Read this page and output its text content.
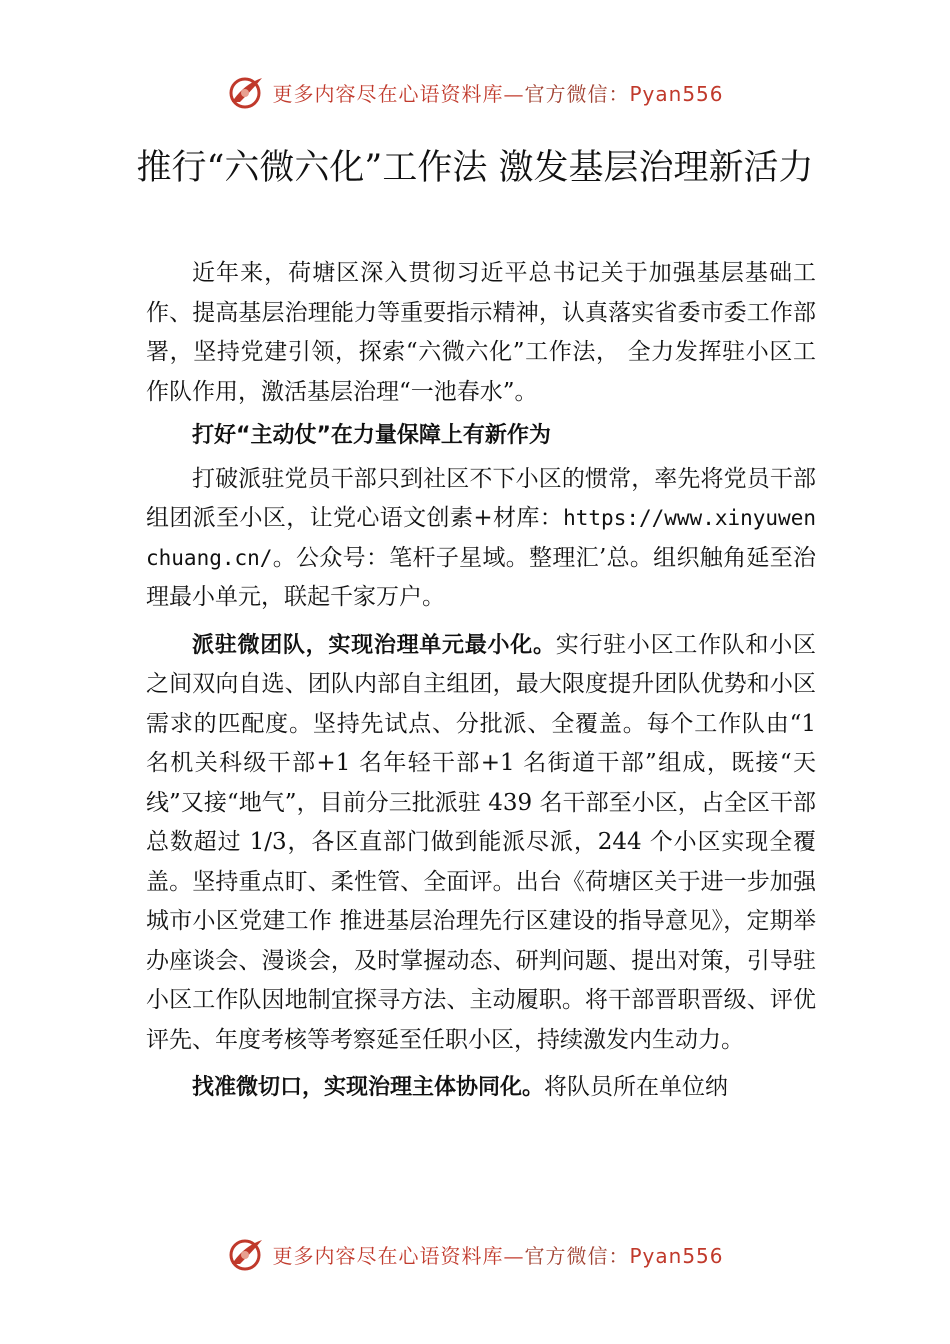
更多内容尽在心语资料库—官方微信：Pyan556
推行“六微六化”工作法 激发基层治理新活力

近年来，荷塘区深入贯彻习近平总书记关于加强基层基础工作、提高基层治理能力等重要指示精神，认真落实省委市委工作部署，坚持党建引领，探索“六微六化”工作法， 全力发挥驻小区工作队作用，激活基层治理“一池春水”。

打好“主动仗”在力量保障上有新作为

打破派驻党员干部只到社区不下小区的惯常，率先将党员干部组团派至小区，让党心语文创素+材库：https://www.xinyuwenchuang.cn/。公众号：笔杆子星域。整理汇’总。组织触角延至治理最小单元，联起千家万户。

派驻微团队，实现治理单元最小化。实行驻小区工作队和小区之间双向自选、团队内部自主组团，最大限度提升团队优势和小区需求的匹配度。坚持先试点、分批派、全覆盖。每个工作队由“1 名机关科级干部+1 名年轻干部+1 名街道干部”组成，既接“天线”又接“地气”，目前分三批派驻 439 名干部至小区，占全区干部总数超过 1/3，各区直部门做到能派尽派，244 个小区实现全覆盖。坚持重点盯、柔性管、全面评。出台《荷塘区关于进一步加强城市小区党建工作 推进基层治理先行区建设的指导意见》，定期举办座谈会、漫谈会，及时掌握动态、研判问题、提出对策，引导驻小区工作队因地制宜探寻方法、主动履职。将干部晋职晋级、评优评先、年度考核等考察延至任职小区，持续激发内生动力。

找准微切口，实现治理主体协同化。将队员所在单位纳

更多内容尽在心语资料库—官方微信：Pyan556
